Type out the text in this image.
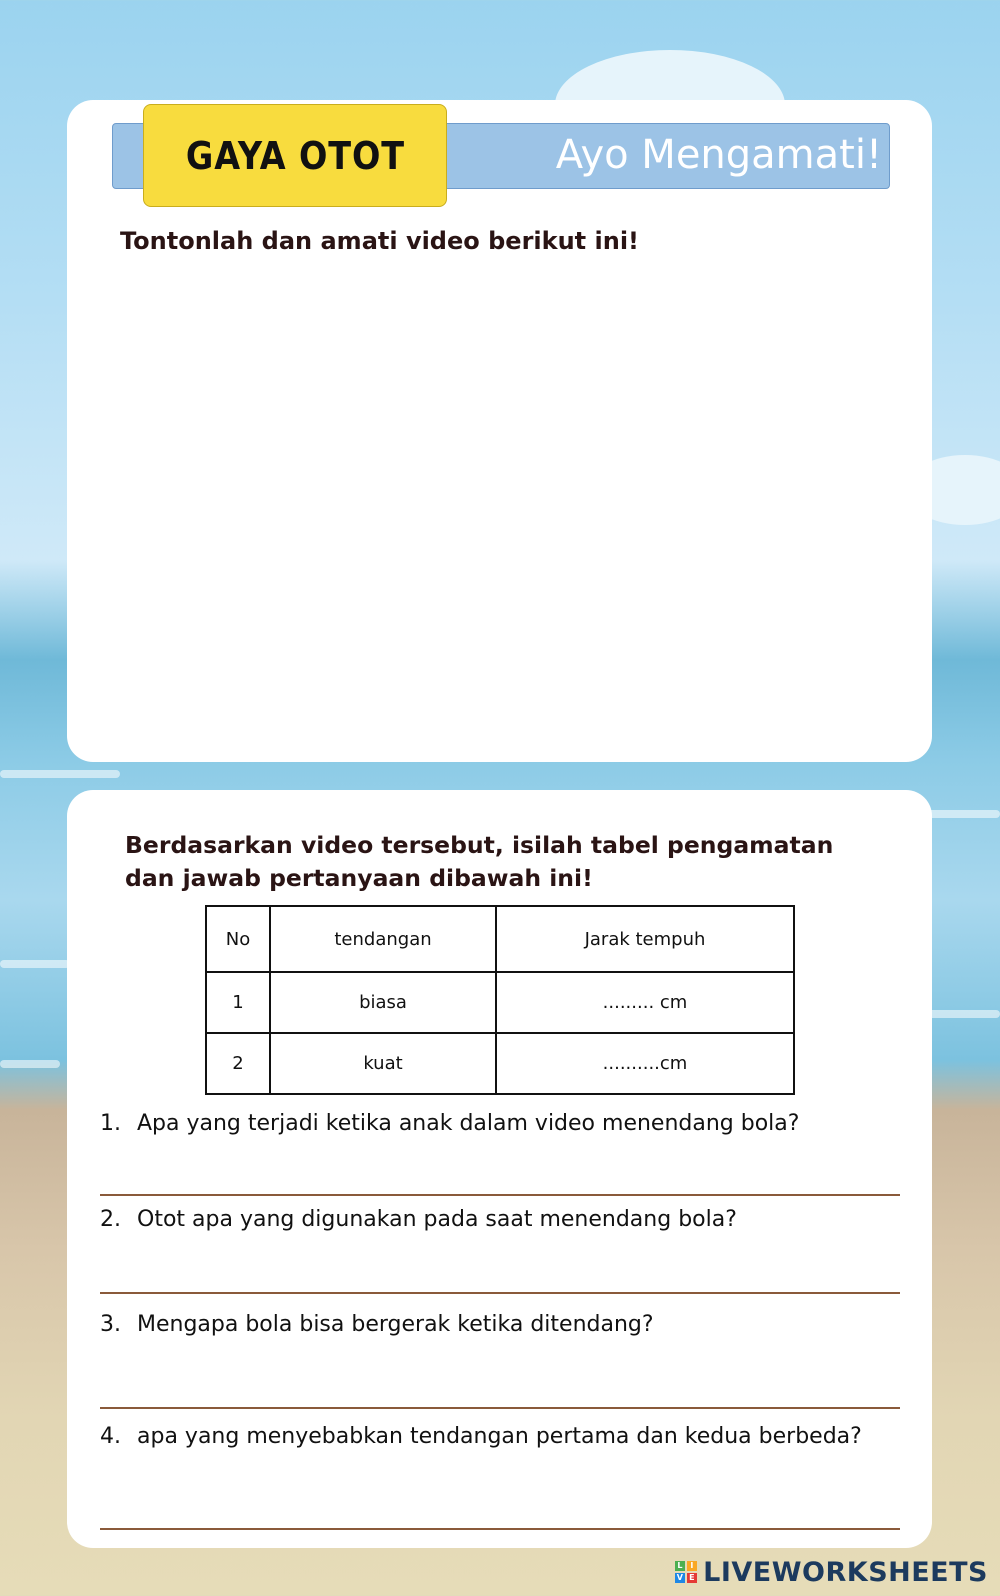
GAYA OTOT	Ayo Mengamati!
Tontonlah dan amati video berikut ini!
Berdasarkan video tersebut, isilah tabel pengamatan dan jawab pertanyaan dibawah ini!
No	tendangan	Jarak tempuh
1	biasa	......... cm
2	kuat	..........cm
1. Apa yang terjadi ketika anak dalam video menendang bola?
2. Otot apa yang digunakan pada saat menendang bola?
3. Mengapa bola bisa bergerak ketika ditendang?
4. apa yang menyebabkan tendangan pertama dan kedua berbeda?
L I
V E LIVEWORKSHEETS
